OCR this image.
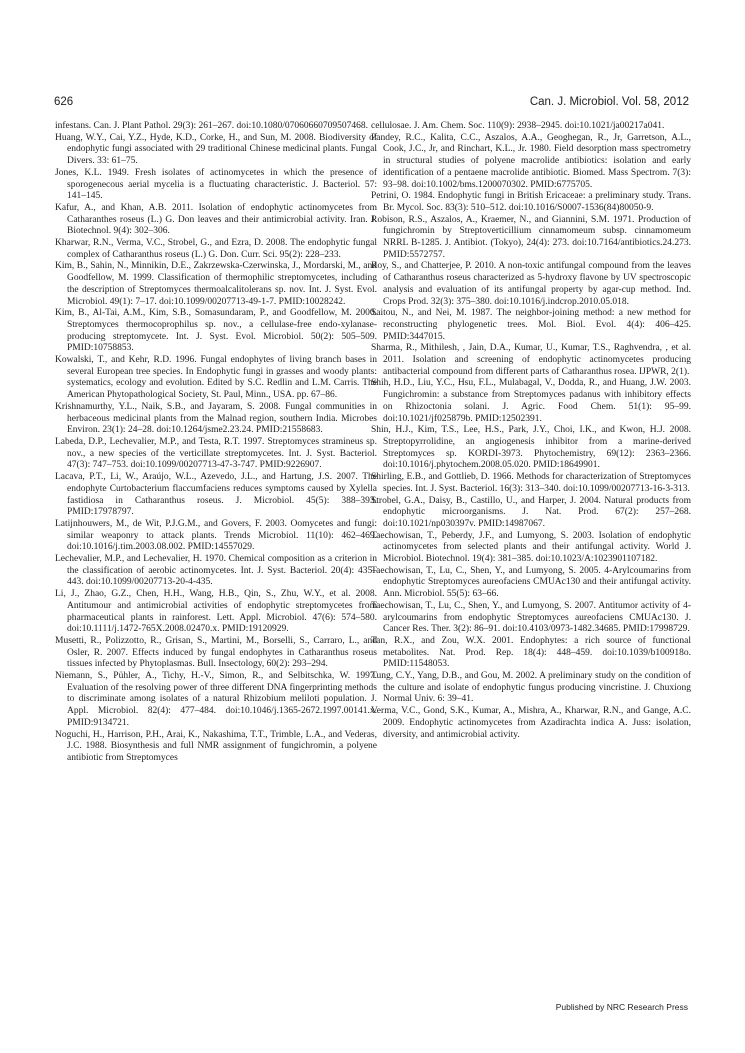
626	Can. J. Microbiol. Vol. 58, 2012

infestans. Can. J. Plant Pathol. 29(3): 261–267. doi:10.1080/07060660709507468.

Huang, W.Y., Cai, Y.Z., Hyde, K.D., Corke, H., and Sun, M. 2008. Biodiversity of endophytic fungi associated with 29 traditional Chinese medicinal plants. Fungal Divers. 33: 61–75.

Jones, K.L. 1949. Fresh isolates of actinomycetes in which the presence of sporogenecous aerial mycelia is a fluctuating characteristic. J. Bacteriol. 57: 141–145.

Kafur, A., and Khan, A.B. 2011. Isolation of endophytic actinomycetes from Catharanthes roseus (L.) G. Don leaves and their antimicrobial activity. Iran. J. Biotechnol. 9(4): 302–306.

Kharwar, R.N., Verma, V.C., Strobel, G., and Ezra, D. 2008. The endophytic fungal complex of Catharanthus roseus (L.) G. Don. Curr. Sci. 95(2): 228–233.

Kim, B., Sahin, N., Minnikin, D.E., Zakrzewska-Czerwinska, J., Mordarski, M., and Goodfellow, M. 1999. Classification of thermophilic streptomycetes, including the description of Streptomyces thermoalcalitolerans sp. nov. Int. J. Syst. Evol. Microbiol. 49(1): 7–17. doi:10.1099/00207713-49-1-7. PMID:10028242.

Kim, B., Al-Tai, A.M., Kim, S.B., Somasundaram, P., and Goodfellow, M. 2000. Streptomyces thermocoprophilus sp. nov., a cellulase-free endo-xylanase-producing streptomycete. Int. J. Syst. Evol. Microbiol. 50(2): 505–509. PMID:10758853.

Kowalski, T., and Kehr, R.D. 1996. Fungal endophytes of living branch bases in several European tree species. In Endophytic fungi in grasses and woody plants: systematics, ecology and evolution. Edited by S.C. Redlin and L.M. Carris. The American Phytopathological Society, St. Paul, Minn., USA. pp. 67–86.

Krishnamurthy, Y.L., Naik, S.B., and Jayaram, S. 2008. Fungal communities in herbaceous medicinal plants from the Malnad region, southern India. Microbes Environ. 23(1): 24–28. doi:10.1264/jsme2.23.24. PMID:21558683.

Labeda, D.P., Lechevalier, M.P., and Testa, R.T. 1997. Streptomyces stramineus sp. nov., a new species of the verticillate streptomycetes. Int. J. Syst. Bacteriol. 47(3): 747–753. doi:10.1099/00207713-47-3-747. PMID:9226907.

Lacava, P.T., Li, W., Araújo, W.L., Azevedo, J.L., and Hartung, J.S. 2007. The endophyte Curtobacterium flaccumfaciens reduces symptoms caused by Xylella fastidiosa in Catharanthus roseus. J. Microbiol. 45(5): 388–393. PMID:17978797.

Latijnhouwers, M., de Wit, P.J.G.M., and Govers, F. 2003. Oomycetes and fungi: similar weaponry to attack plants. Trends Microbiol. 11(10): 462–469. doi:10.1016/j.tim.2003.08.002. PMID:14557029.

Lechevalier, M.P., and Lechevalier, H. 1970. Chemical composition as a criterion in the classification of aerobic actinomycetes. Int. J. Syst. Bacteriol. 20(4): 435–443. doi:10.1099/00207713-20-4-435.

Li, J., Zhao, G.Z., Chen, H.H., Wang, H.B., Qin, S., Zhu, W.Y., et al. 2008. Antitumour and antimicrobial activities of endophytic streptomycetes from pharmaceutical plants in rainforest. Lett. Appl. Microbiol. 47(6): 574–580. doi:10.1111/j.1472-765X.2008.02470.x. PMID:19120929.

Musetti, R., Polizzotto, R., Grisan, S., Martini, M., Borselli, S., Carraro, L., and Osler, R. 2007. Effects induced by fungal endophytes in Catharanthus roseus tissues infected by Phytoplasmas. Bull. Insectology, 60(2): 293–294.

Niemann, S., Pühler, A., Tichy, H.-V., Simon, R., and Selbitschka, W. 1997. Evaluation of the resolving power of three different DNA fingerprinting methods to discriminate among isolates of a natural Rhizobium meliloti population. J. Appl. Microbiol. 82(4): 477–484. doi:10.1046/j.1365-2672.1997.00141.x. PMID:9134721.

Noguchi, H., Harrison, P.H., Arai, K., Nakashima, T.T., Trimble, L.A., and Vederas, J.C. 1988. Biosynthesis and full NMR assignment of fungichromin, a polyene antibiotic from Streptomyces

cellulosae. J. Am. Chem. Soc. 110(9): 2938–2945. doi:10.1021/ja00217a041.

Pandey, R.C., Kalita, C.C., Aszalos, A.A., Geoghegan, R., Jr, Garretson, A.L., Cook, J.C., Jr, and Rinchart, K.L., Jr. 1980. Field desorption mass spectrometry in structural studies of polyene macrolide antibiotics: isolation and early identification of a pentaene macrolide antibiotic. Biomed. Mass Spectrom. 7(3): 93–98. doi:10.1002/bms.1200070302. PMID:6775705.

Petrini, O. 1984. Endophytic fungi in British Ericaceae: a preliminary study. Trans. Br. Mycol. Soc. 83(3): 510–512. doi:10.1016/S0007-1536(84)80050-9.

Robison, R.S., Aszalos, A., Kraemer, N., and Giannini, S.M. 1971. Production of fungichromin by Streptoverticillium cinnamomeum subsp. cinnamomeum NRRL B-1285. J. Antibiot. (Tokyo), 24(4): 273. doi:10.7164/antibiotics.24.273. PMID:5572757.

Roy, S., and Chatterjee, P. 2010. A non-toxic antifungal compound from the leaves of Catharanthus roseus characterized as 5-hydroxy flavone by UV spectroscopic analysis and evaluation of its antifungal property by agar-cup method. Ind. Crops Prod. 32(3): 375–380. doi:10.1016/j.indcrop.2010.05.018.

Saitou, N., and Nei, M. 1987. The neighbor-joining method: a new method for reconstructing phylogenetic trees. Mol. Biol. Evol. 4(4): 406–425. PMID:3447015.

Sharma, R., Mithilesh, , Jain, D.A., Kumar, U., Kumar, T.S., Raghvendra, , et al. 2011. Isolation and screening of endophytic actinomycetes producing antibacterial compound from different parts of Catharanthus rosea. IJPWR, 2(1).

Shih, H.D., Liu, Y.C., Hsu, F.L., Mulabagal, V., Dodda, R., and Huang, J.W. 2003. Fungichromin: a substance from Streptomyces padanus with inhibitory effects on Rhizoctonia solani. J. Agric. Food Chem. 51(1): 95–99. doi:10.1021/jf025879b. PMID:12502391.

Shin, H.J., Kim, T.S., Lee, H.S., Park, J.Y., Choi, I.K., and Kwon, H.J. 2008. Streptopyrrolidine, an angiogenesis inhibitor from a marine-derived Streptomyces sp. KORDI-3973. Phytochemistry, 69(12): 2363–2366. doi:10.1016/j.phytochem.2008.05.020. PMID:18649901.

Shirling, E.B., and Gottlieb, D. 1966. Methods for characterization of Streptomyces species. Int. J. Syst. Bacteriol. 16(3): 313–340. doi:10.1099/00207713-16-3-313.

Strobel, G.A., Daisy, B., Castillo, U., and Harper, J. 2004. Natural products from endophytic microorganisms. J. Nat. Prod. 67(2): 257–268. doi:10.1021/np030397v. PMID:14987067.

Taechowisan, T., Peberdy, J.F., and Lumyong, S. 2003. Isolation of endophytic actinomycetes from selected plants and their antifungal activity. World J. Microbiol. Biotechnol. 19(4): 381–385. doi:10.1023/A:1023901107182.

Taechowisan, T., Lu, C., Shen, Y., and Lumyong, S. 2005. 4-Arylcoumarins from endophytic Streptomyces aureofaciens CMUAc130 and their antifungal activity. Ann. Microbiol. 55(5): 63–66.

Taechowisan, T., Lu, C., Shen, Y., and Lumyong, S. 2007. Antitumor activity of 4-arylcoumarins from endophytic Streptomyces aureofaciens CMUAc130. J. Cancer Res. Ther. 3(2): 86–91. doi:10.4103/0973-1482.34685. PMID:17998729.

Tan, R.X., and Zou, W.X. 2001. Endophytes: a rich source of functional metabolites. Nat. Prod. Rep. 18(4): 448–459. doi:10.1039/b100918o. PMID:11548053.

Tung, C.Y., Yang, D.B., and Gou, M. 2002. A preliminary study on the condition of the culture and isolate of endophytic fungus producing vincristine. J. Chuxiong Normal Univ. 6: 39–41.

Verma, V.C., Gond, S.K., Kumar, A., Mishra, A., Kharwar, R.N., and Gange, A.C. 2009. Endophytic actinomycetes from Azadirachta indica A. Juss: isolation, diversity, and antimicrobial activity.

Published by NRC Research Press
